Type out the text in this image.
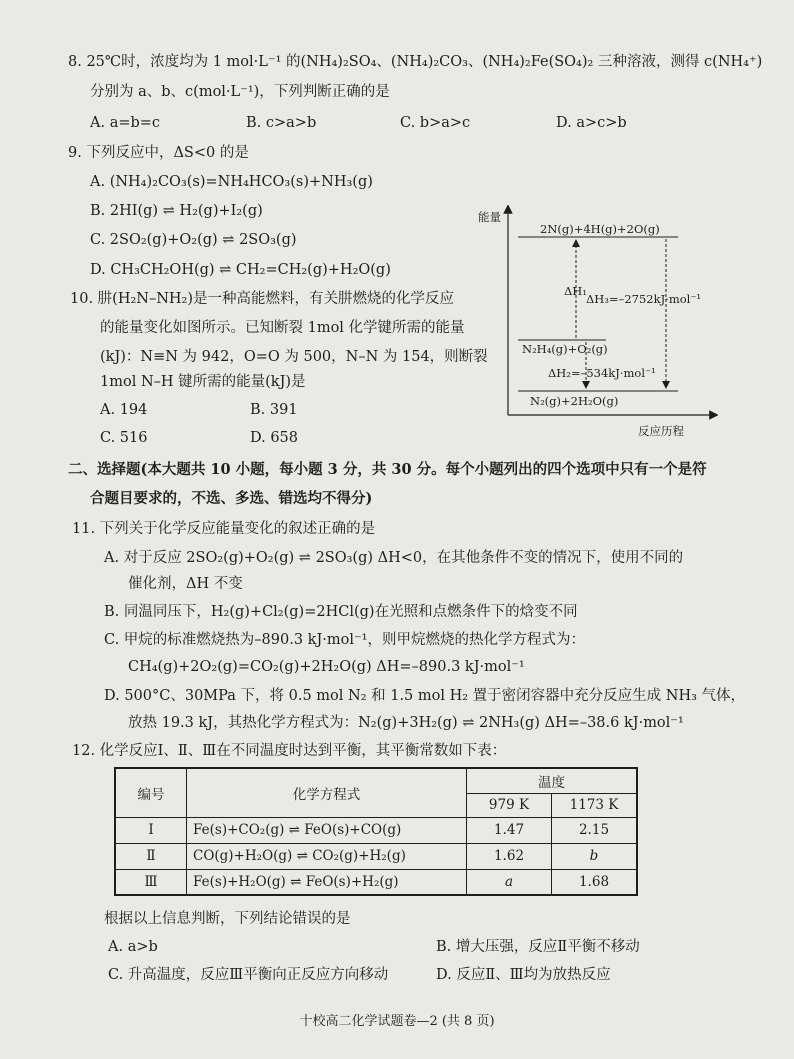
8. 25℃时，浓度均为 1 mol·L⁻¹ 的(NH₄)₂SO₄、(NH₄)₂CO₃、(NH₄)₂Fe(SO₄)₂ 三种溶液，测得 c(NH₄⁺)
分别为 a、b、c(mol·L⁻¹)，下列判断正确的是
A. a=b=c	B. c>a>b	C. b>a>c	D. a>c>b
9. 下列反应中，ΔS<0 的是
A. (NH₄)₂CO₃(s)=NH₄HCO₃(s)+NH₃(g)
B. 2HI(g) ⇌ H₂(g)+I₂(g)
C. 2SO₂(g)+O₂(g) ⇌ 2SO₃(g)
D. CH₃CH₂OH(g) ⇌ CH₂=CH₂(g)+H₂O(g)
10. 肼(H₂N–NH₂)是一种高能燃料，有关肼燃烧的化学反应
的能量变化如图所示。已知断裂 1mol 化学键所需的能量
(kJ)：N≡N 为 942，O=O 为 500，N–N 为 154，则断裂
1mol N–H 键所需的能量(kJ)是
A. 194	B. 391
C. 516	D. 658
能量
反应历程
2N(g)+4H(g)+2O(g)
N₂H₄(g)+O₂(g)
N₂(g)+2H₂O(g)
ΔH₁
ΔH₃=–2752kJ·mol⁻¹
ΔH₂=–534kJ·mol⁻¹
二、选择题(本大题共 10 小题，每小题 3 分，共 30 分。每个小题列出的四个选项中只有一个是符
合题目要求的，不选、多选、错选均不得分)
11. 下列关于化学反应能量变化的叙述正确的是
A. 对于反应 2SO₂(g)+O₂(g) ⇌ 2SO₃(g) ΔH<0，在其他条件不变的情况下，使用不同的
催化剂，ΔH 不变
B. 同温同压下，H₂(g)+Cl₂(g)=2HCl(g)在光照和点燃条件下的焓变不同
C. 甲烷的标准燃烧热为–890.3 kJ·mol⁻¹，则甲烷燃烧的热化学方程式为：
CH₄(g)+2O₂(g)=CO₂(g)+2H₂O(g) ΔH=–890.3 kJ·mol⁻¹
D. 500°C、30MPa 下，将 0.5 mol N₂ 和 1.5 mol H₂ 置于密闭容器中充分反应生成 NH₃ 气体，
放热 19.3 kJ，其热化学方程式为：N₂(g)+3H₂(g) ⇌ 2NH₃(g) ΔH=–38.6 kJ·mol⁻¹
12. 化学反应Ⅰ、Ⅱ、Ⅲ在不同温度时达到平衡，其平衡常数如下表：
编号	化学方程式	温度	
		979 K	1173 K
Ⅰ	Fe(s)+CO₂(g) ⇌ FeO(s)+CO(g)	1.47	2.15
Ⅱ	CO(g)+H₂O(g) ⇌ CO₂(g)+H₂(g)	1.62	b
Ⅲ	Fe(s)+H₂O(g) ⇌ FeO(s)+H₂(g)	a	1.68
根据以上信息判断，下列结论错误的是
A. a>b	B. 增大压强，反应Ⅱ平衡不移动
C. 升高温度，反应Ⅲ平衡向正反应方向移动	D. 反应Ⅱ、Ⅲ均为放热反应
十校高二化学试题卷—2 (共 8 页)
